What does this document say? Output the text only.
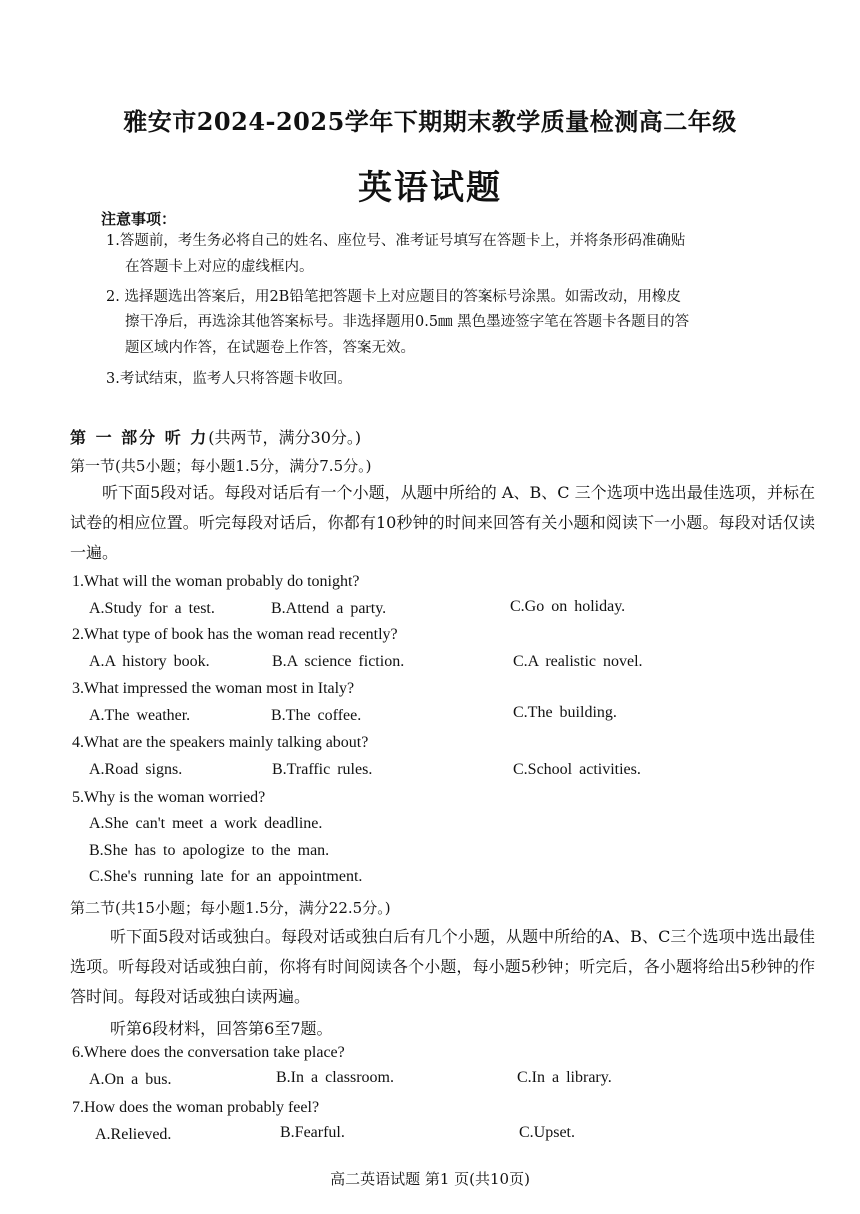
雅安市2024-2025学年下期期末教学质量检测高二年级
英语试题
注意事项：
1.答题前，考生务必将自己的姓名、座位号、准考证号填写在答题卡上，并将条形码准确贴
在答题卡上对应的虚线框内。
2. 选择题选出答案后，用2B铅笔把答题卡上对应题目的答案标号涂黑。如需改动，用橡皮
擦干净后，再选涂其他答案标号。非选择题用0.5㎜ 黑色墨迹签字笔在答题卡各题目的答
题区域内作答，在试题卷上作答，答案无效。
3.考试结束，监考人只将答题卡收回。
第 一 部分 听 力(共两节，满分30分。)
第一节(共5小题；每小题1.5分，满分7.5分。)
听下面5段对话。每段对话后有一个小题，从题中所给的 A、B、C 三个选项中选出最佳选项，并标在试卷的相应位置。听完每段对话后，你都有10秒钟的时间来回答有关小题和阅读下一小题。每段对话仅读一遍。
1.What will the woman probably do tonight?
A.Study for a test.	B.Attend a party.	C.Go on holiday.
2.What type of book has the woman read recently?
A.A history book.	B.A science fiction.	C.A realistic novel.
3.What impressed the woman most in Italy?
A.The weather.	B.The coffee.	C.The building.
4.What are the speakers mainly talking about?
A.Road signs.	B.Traffic rules.	C.School activities.
5.Why is the woman worried?
A.She can't meet a work deadline.
B.She has to apologize to the man.
C.She's running late for an appointment.
第二节(共15小题；每小题1.5分，满分22.5分。)
听下面5段对话或独白。每段对话或独白后有几个小题，从题中所给的A、B、C三个选项中选出最佳选项。听每段对话或独白前，你将有时间阅读各个小题，每小题5秒钟；听完后，各小题将给出5秒钟的作答时间。每段对话或独白读两遍。
听第6段材料，回答第6至7题。
6.Where does the conversation take place?
A.On a bus.	B.In a classroom.	C.In a library.
7.How does the woman probably feel?
A.Relieved.	B.Fearful.	C.Upset.
高二英语试题 第1 页(共10页)
